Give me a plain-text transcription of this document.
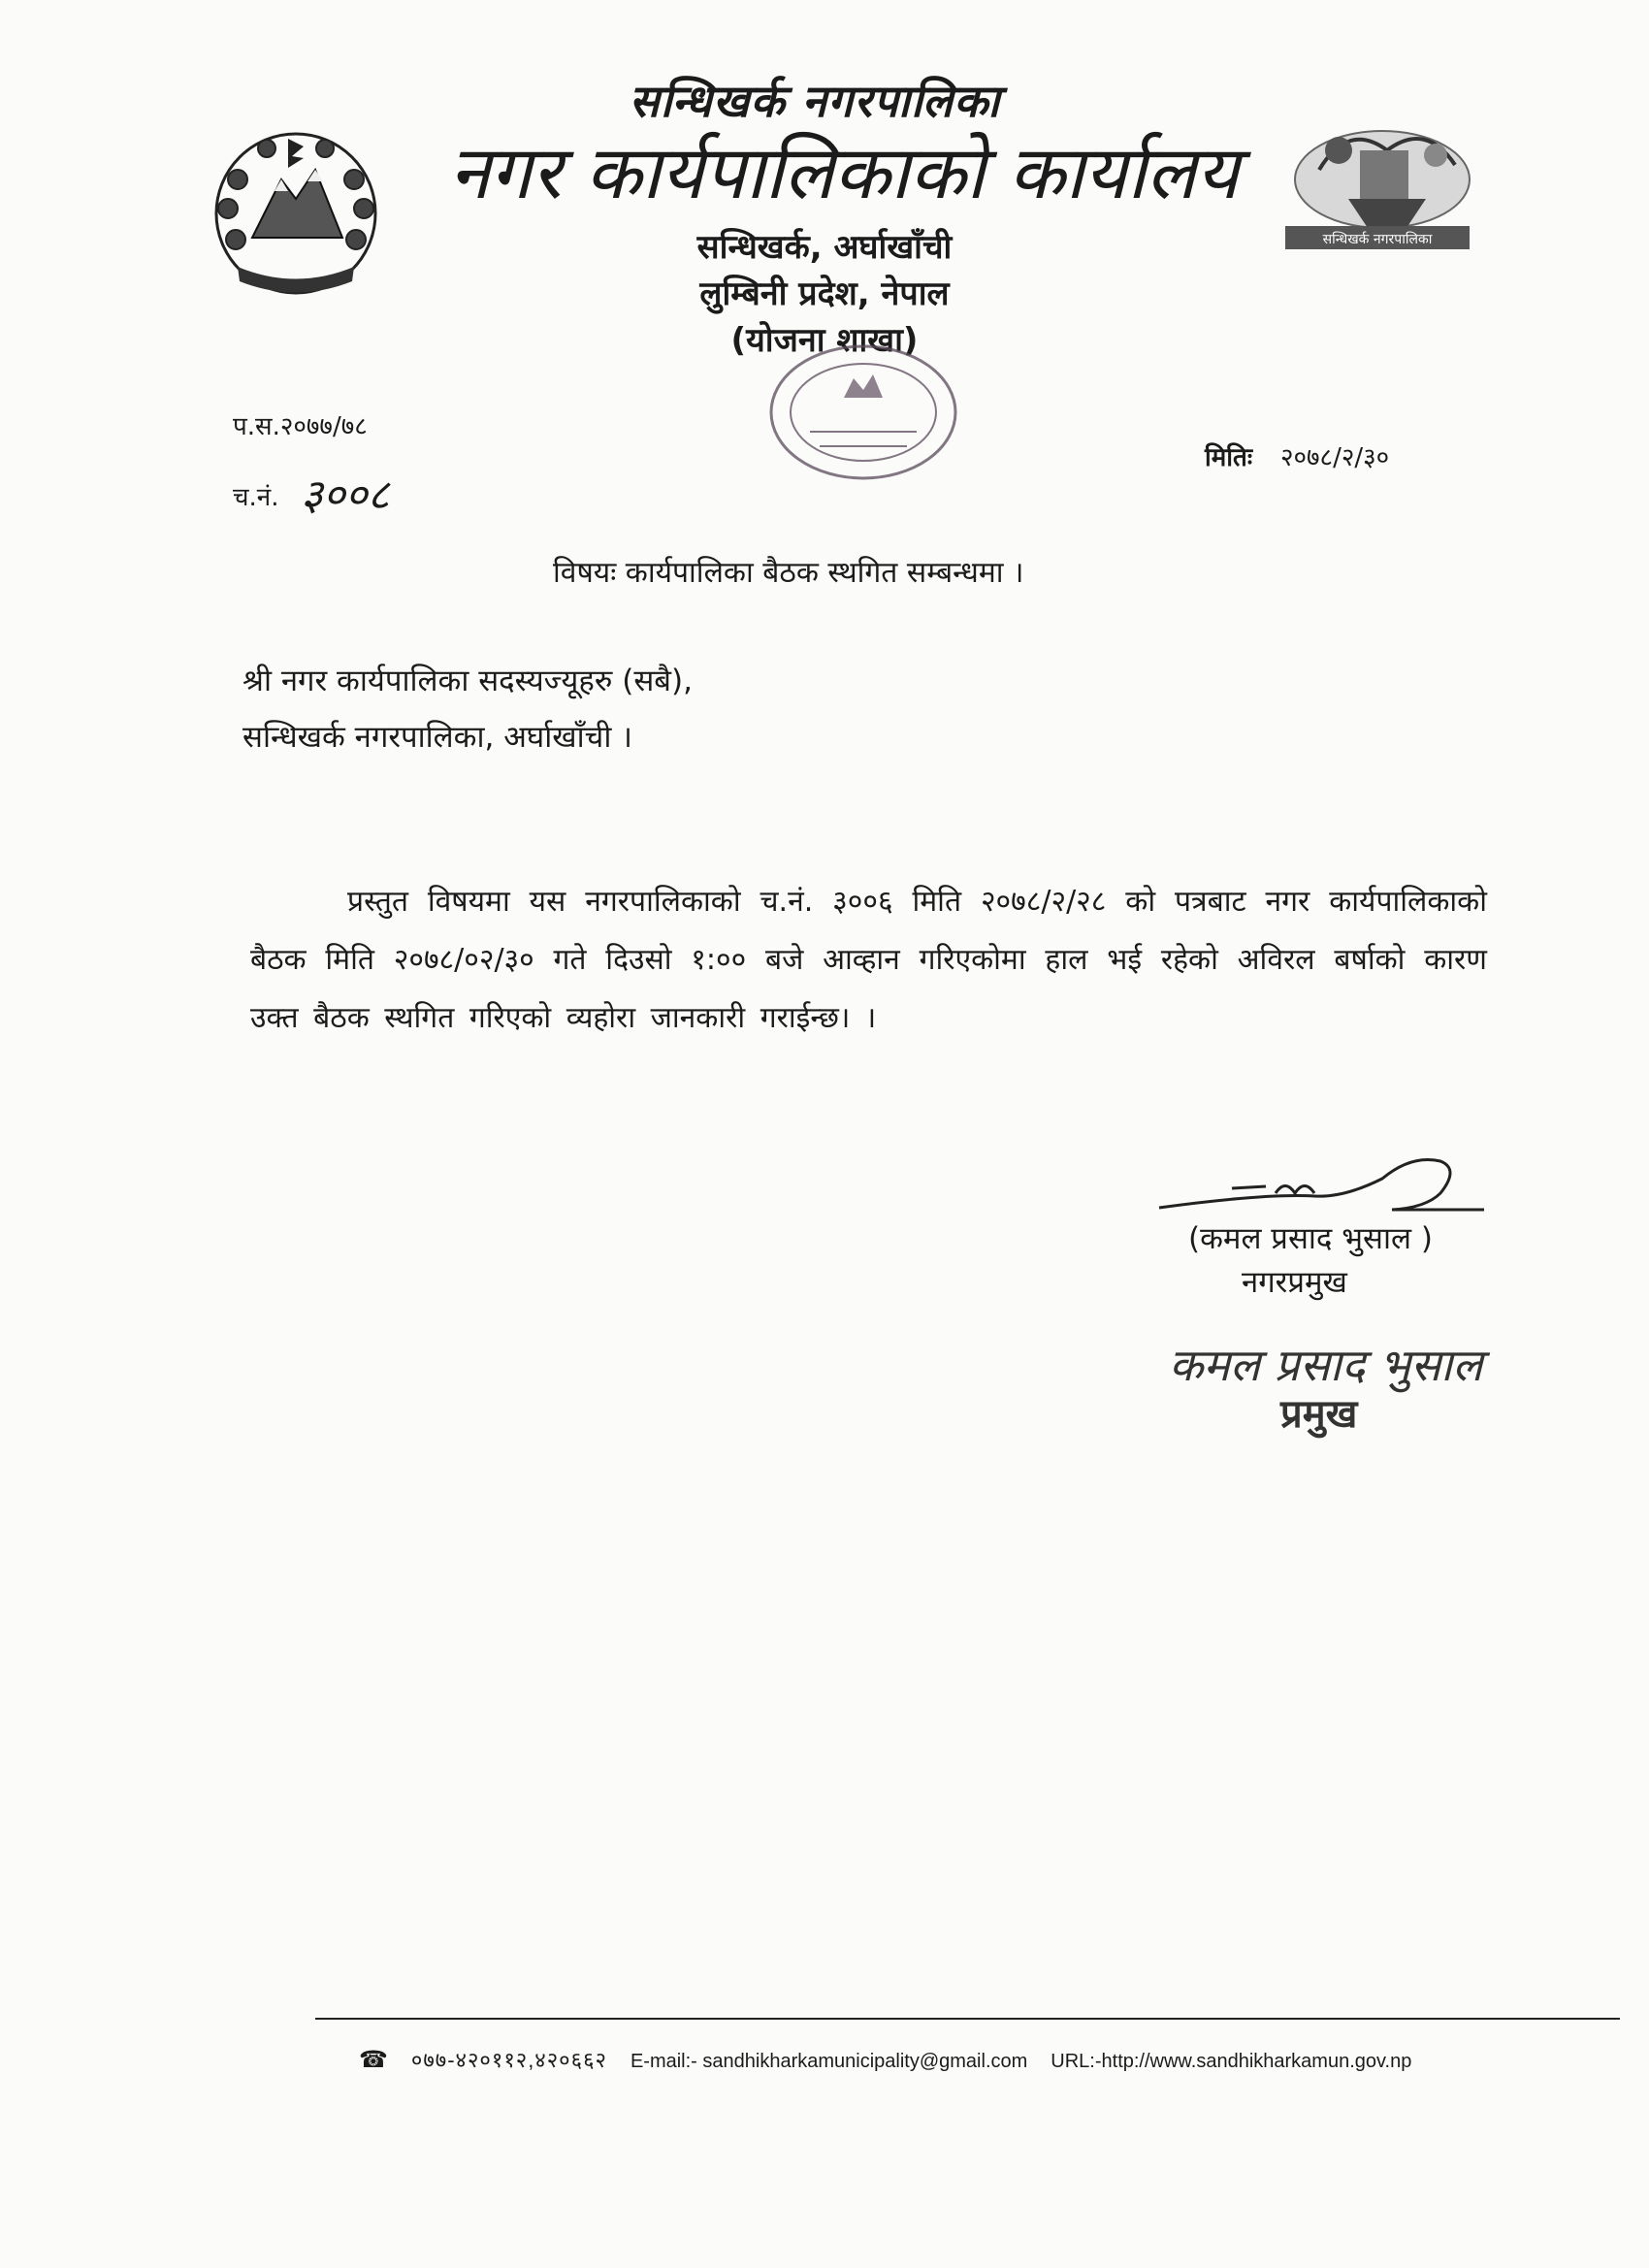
सन्धिखर्क नगरपालिका
सन्धिखर्क नगरपालिका
नगर कार्यपालिकाको कार्यालय
सन्धिखर्क, अर्घाखाँची
लुम्बिनी प्रदेश, नेपाल
(योजना शाखा)
प.स.२०७७/७८
च.नं. ३००८
मितिः २०७८/२/३०
विषयः कार्यपालिका बैठक स्थगित सम्बन्धमा ।
श्री नगर कार्यपालिका सदस्यज्यूहरु (सबै),
सन्धिखर्क नगरपालिका, अर्घाखाँची ।
प्रस्तुत विषयमा यस नगरपालिकाको च.नं. ३००६ मिति २०७८/२/२८ को पत्रबाट नगर कार्यपालिकाको बैठक मिति २०७८/०२/३० गते दिउसो १:०० बजे आव्हान गरिएकोमा हाल भई रहेको अविरल बर्षाको कारण उक्त बैठक स्थगित गरिएको व्यहोरा जानकारी गराईन्छ। ।
(कमल प्रसाद भुसाल )
नगरप्रमुख
कमल प्रसाद भुसाल
प्रमुख
☎ ०७७-४२०११२,४२०६६२ E-mail:- sandhikharkamunicipality@gmail.com URL:-http://www.sandhikharkamun.gov.np
